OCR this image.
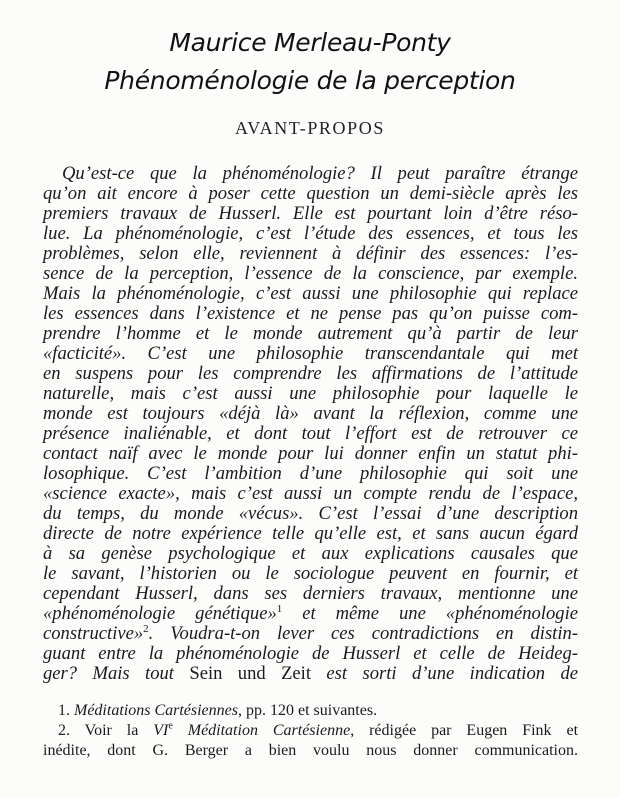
Maurice Merleau-Ponty
Phénoménologie de la perception
AVANT-PROPOS
Qu’est-ce que la phénoménologie? Il peut paraître étrange
qu’on ait encore à poser cette question un demi-siècle après les
premiers travaux de Husserl. Elle est pourtant loin d’être réso-
lue. La phénoménologie, c’est l’étude des essences, et tous les
problèmes, selon elle, reviennent à définir des essences: l’es-
sence de la perception, l’essence de la conscience, par exemple.
Mais la phénoménologie, c’est aussi une philosophie qui replace
les essences dans l’existence et ne pense pas qu’on puisse com-
prendre l’homme et le monde autrement qu’à partir de leur
«facticité». C’est une philosophie transcendantale qui met
en suspens pour les comprendre les affirmations de l’attitude
naturelle, mais c’est aussi une philosophie pour laquelle le
monde est toujours «déjà là» avant la réflexion, comme une
présence inaliénable, et dont tout l’effort est de retrouver ce
contact naïf avec le monde pour lui donner enfin un statut phi-
losophique. C’est l’ambition d’une philosophie qui soit une
«science exacte», mais c’est aussi un compte rendu de l’espace,
du temps, du monde «vécus». C’est l’essai d’une description
directe de notre expérience telle qu’elle est, et sans aucun égard
à sa genèse psychologique et aux explications causales que
le savant, l’historien ou le sociologue peuvent en fournir, et
cependant Husserl, dans ses derniers travaux, mentionne une
«phénoménologie génétique»$^1$ et même une «phénoménologie
constructive»$^2$. Voudra-t-on lever ces contradictions en distin-
guant entre la phénoménologie de Husserl et celle de Heideg-
ger? Mais tout Sein und Zeit est sorti d’une indication de
1. Méditations Cartésiennes, pp. 120 et suivantes.
2. Voir la VIe Méditation Cartésienne, rédigée par Eugen Fink et
inédite, dont G. Berger a bien voulu nous donner communication.
